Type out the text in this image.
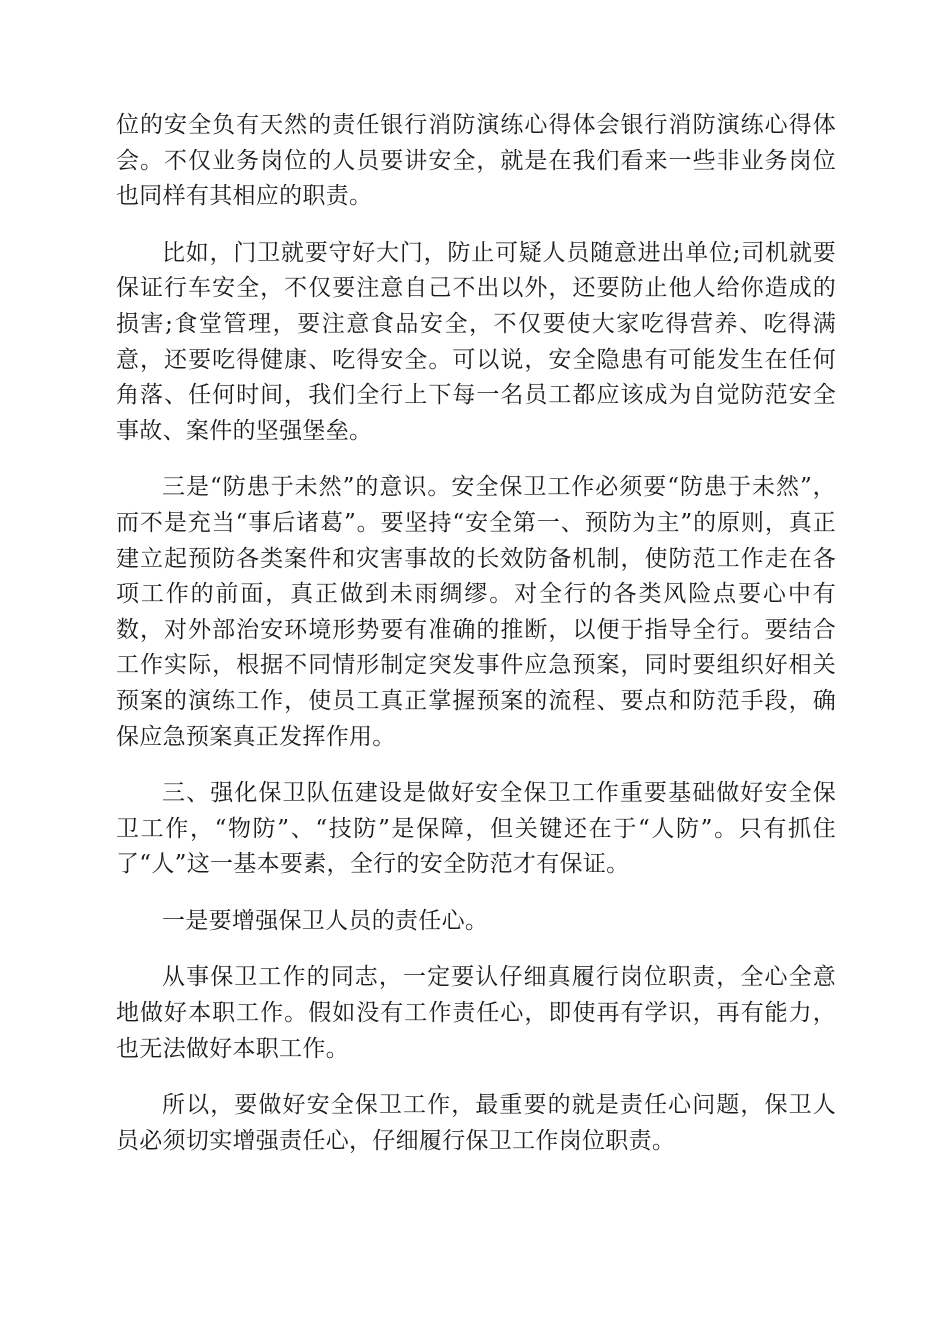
位的安全负有天然的责任银行消防演练心得体会银行消防演练心得体会。不仅业务岗位的人员要讲安全，就是在我们看来一些非业务岗位也同样有其相应的职责。

比如，门卫就要守好大门，防止可疑人员随意进出单位;司机就要保证行车安全，不仅要注意自己不出以外，还要防止他人给你造成的损害;食堂管理，要注意食品安全，不仅要使大家吃得营养、吃得满意，还要吃得健康、吃得安全。可以说，安全隐患有可能发生在任何角落、任何时间，我们全行上下每一名员工都应该成为自觉防范安全事故、案件的坚强堡垒。

三是“防患于未然”的意识。安全保卫工作必须要“防患于未然”，而不是充当“事后诸葛”。要坚持“安全第一、预防为主”的原则，真正建立起预防各类案件和灾害事故的长效防备机制，使防范工作走在各项工作的前面，真正做到未雨绸缪。对全行的各类风险点要心中有数，对外部治安环境形势要有准确的推断，以便于指导全行。要结合工作实际，根据不同情形制定突发事件应急预案，同时要组织好相关预案的演练工作，使员工真正掌握预案的流程、要点和防范手段，确保应急预案真正发挥作用。

三、强化保卫队伍建设是做好安全保卫工作重要基础做好安全保卫工作，“物防”、“技防”是保障，但关键还在于“人防”。只有抓住了“人”这一基本要素，全行的安全防范才有保证。

一是要增强保卫人员的责任心。

从事保卫工作的同志，一定要认仔细真履行岗位职责，全心全意地做好本职工作。假如没有工作责任心，即使再有学识，再有能力，也无法做好本职工作。

所以，要做好安全保卫工作，最重要的就是责任心问题，保卫人员必须切实增强责任心，仔细履行保卫工作岗位职责。
